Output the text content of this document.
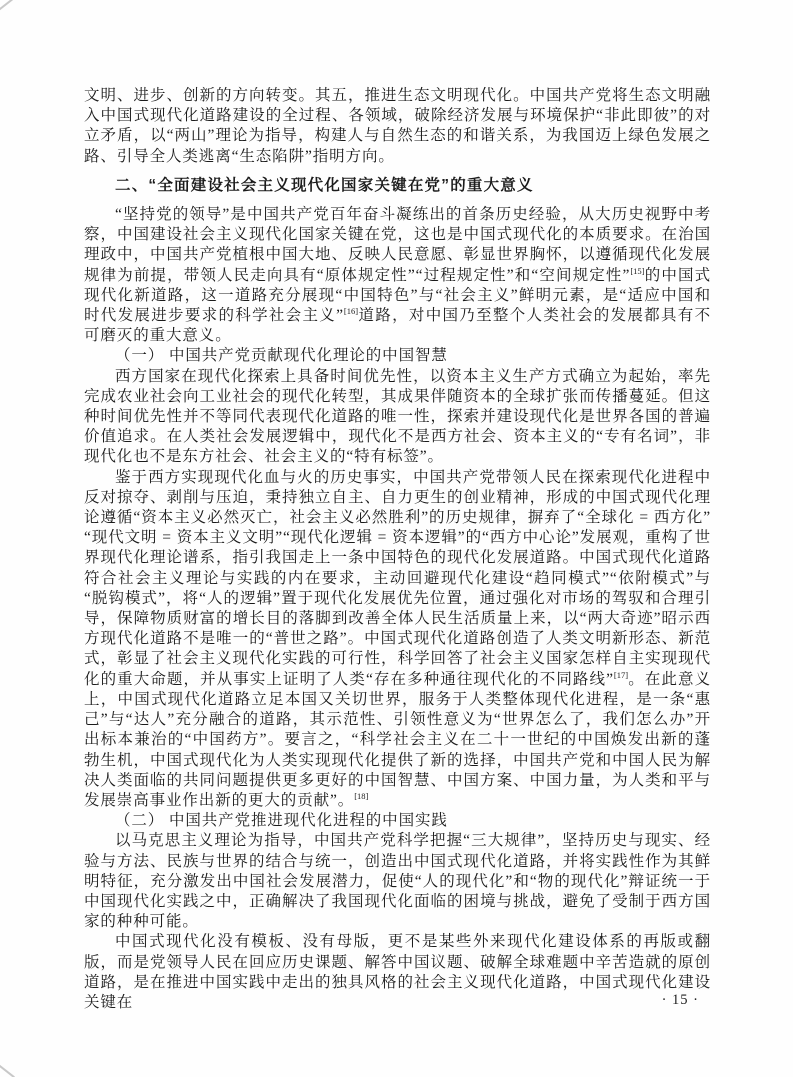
文明、进步、创新的方向转变。其五，推进生态文明现代化。中国共产党将生态文明融入中国式现代化道路建设的全过程、各领域，破除经济发展与环境保护“非此即彼”的对立矛盾，以“两山”理论为指导，构建人与自然生态的和谐关系，为我国迈上绿色发展之路、引导全人类逃离“生态陷阱”指明方向。

二、“全面建设社会主义现代化国家关键在党”的重大意义

“坚持党的领导”是中国共产党百年奋斗凝练出的首条历史经验，从大历史视野中考察，中国建设社会主义现代化国家关键在党，这也是中国式现代化的本质要求。在治国理政中，中国共产党植根中国大地、反映人民意愿、彰显世界胸怀，以遵循现代化发展规律为前提，带领人民走向具有“原体规定性”“过程规定性”和“空间规定性”[15]的中国式现代化新道路，这一道路充分展现“中国特色”与“社会主义”鲜明元素，是“适应中国和时代发展进步要求的科学社会主义”[16]道路，对中国乃至整个人类社会的发展都具有不可磨灭的重大意义。

（一） 中国共产党贡献现代化理论的中国智慧

西方国家在现代化探索上具备时间优先性，以资本主义生产方式确立为起始，率先完成农业社会向工业社会的现代化转型，其成果伴随资本的全球扩张而传播蔓延。但这种时间优先性并不等同代表现代化道路的唯一性，探索并建设现代化是世界各国的普遍价值追求。在人类社会发展逻辑中，现代化不是西方社会、资本主义的“专有名词”，非现代化也不是东方社会、社会主义的“特有标签”。

鉴于西方实现现代化血与火的历史事实，中国共产党带领人民在探索现代化进程中反对掠夺、剥削与压迫，秉持独立自主、自力更生的创业精神，形成的中国式现代化理论遵循“资本主义必然灭亡，社会主义必然胜利”的历史规律，摒弃了“全球化 = 西方化”“现代文明 = 资本主义文明”“现代化逻辑 = 资本逻辑”的“西方中心论”发展观，重构了世界现代化理论谱系，指引我国走上一条中国特色的现代化发展道路。中国式现代化道路符合社会主义理论与实践的内在要求，主动回避现代化建设“趋同模式”“依附模式”与“脱钩模式”，将“人的逻辑”置于现代化发展优先位置，通过强化对市场的驾驭和合理引导，保障物质财富的增长目的落脚到改善全体人民生活质量上来，以“两大奇迹”昭示西方现代化道路不是唯一的“普世之路”。中国式现代化道路创造了人类文明新形态、新范式，彰显了社会主义现代化实践的可行性，科学回答了社会主义国家怎样自主实现现代化的重大命题，并从事实上证明了人类“存在多种通往现代化的不同路线”[17]。在此意义上，中国式现代化道路立足本国又关切世界，服务于人类整体现代化进程，是一条“惠己”与“达人”充分融合的道路，其示范性、引领性意义为“世界怎么了，我们怎么办”开出标本兼治的“中国药方”。要言之，“科学社会主义在二十一世纪的中国焕发出新的蓬勃生机，中国式现代化为人类实现现代化提供了新的选择，中国共产党和中国人民为解决人类面临的共同问题提供更多更好的中国智慧、中国方案、中国力量，为人类和平与发展崇高事业作出新的更大的贡献”。[18]

（二） 中国共产党推进现代化进程的中国实践

以马克思主义理论为指导，中国共产党科学把握“三大规律”，坚持历史与现实、经验与方法、民族与世界的结合与统一，创造出中国式现代化道路，并将实践性作为其鲜明特征，充分激发出中国社会发展潜力，促使“人的现代化”和“物的现代化”辩证统一于中国现代化实践之中，正确解决了我国现代化面临的困境与挑战，避免了受制于西方国家的种种可能。

中国式现代化没有模板、没有母版，更不是某些外来现代化建设体系的再版或翻版，而是党领导人民在回应历史课题、解答中国议题、破解全球难题中辛苦造就的原创道路，是在推进中国实践中走出的独具风格的社会主义现代化道路，中国式现代化建设关键在	· 15 ·
